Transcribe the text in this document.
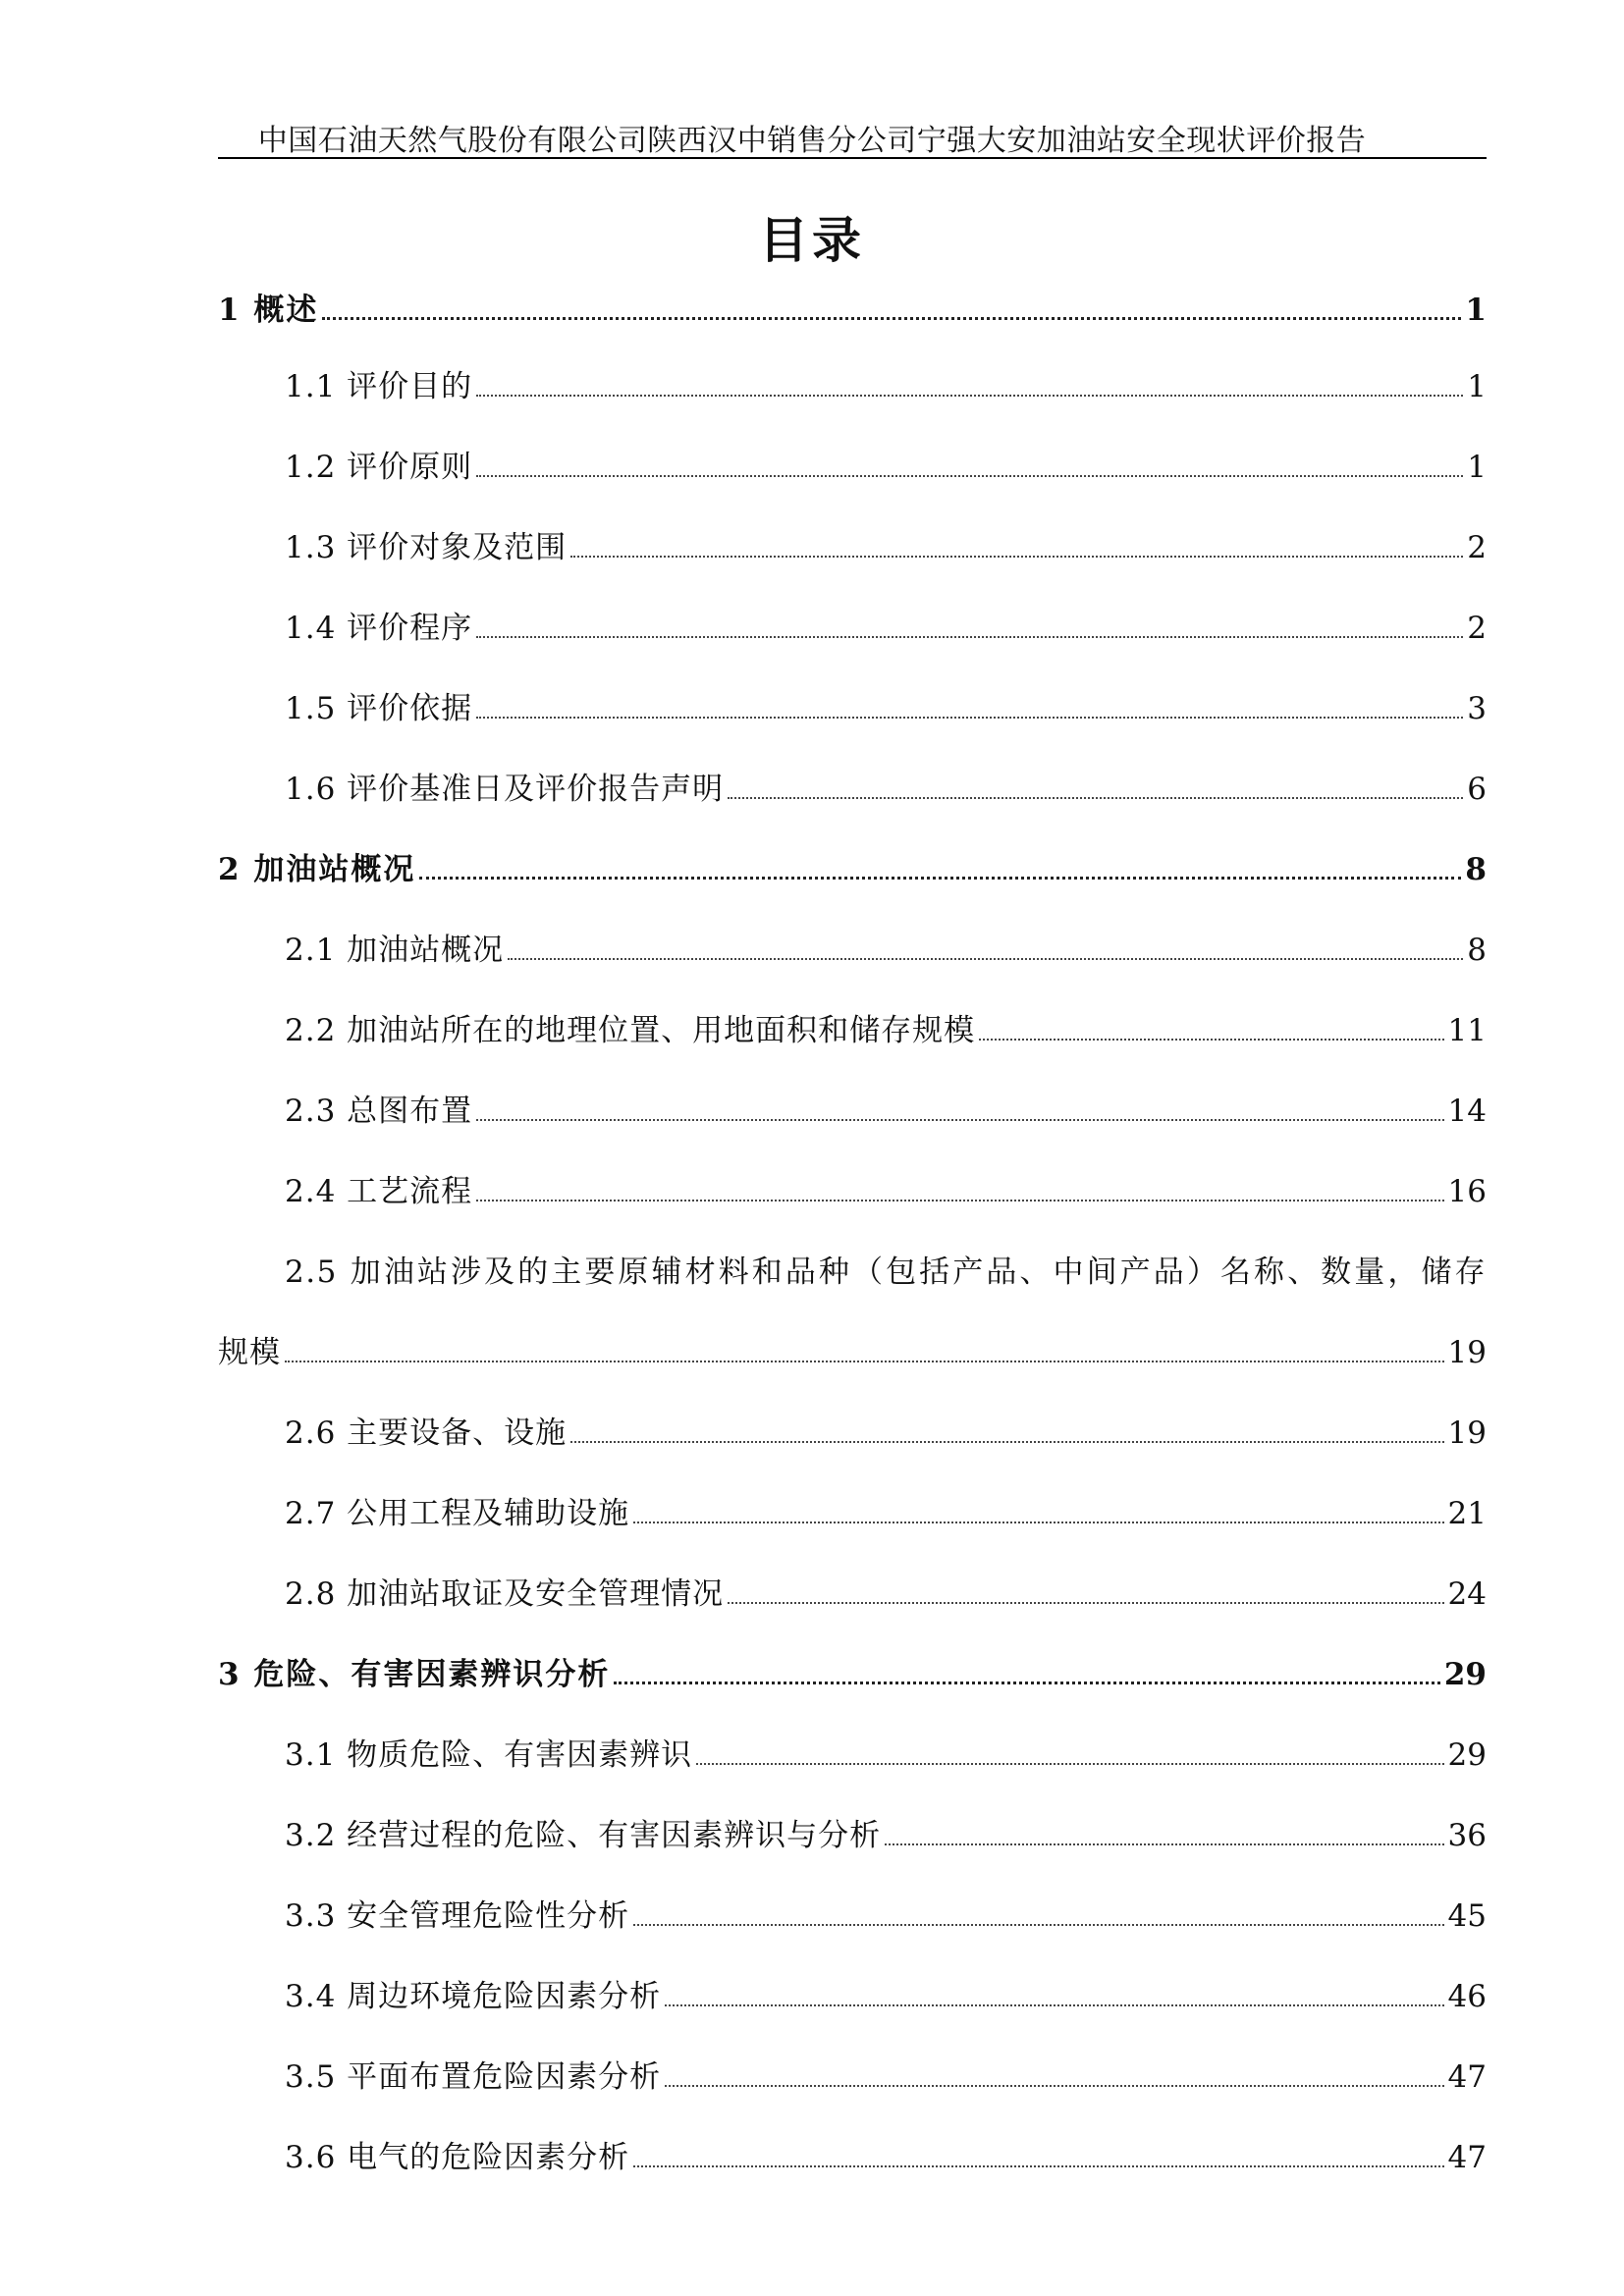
中国石油天然气股份有限公司陕西汉中销售分公司宁强大安加油站安全现状评价报告
目录
1 概述	1
1.1 评价目的	1
1.2 评价原则	1
1.3 评价对象及范围	2
1.4 评价程序	2
1.5 评价依据	3
1.6 评价基准日及评价报告声明	6
2 加油站概况	8
2.1 加油站概况	8
2.2 加油站所在的地理位置、用地面积和储存规模	11
2.3 总图布置	14
2.4 工艺流程	16
2.5 加油站涉及的主要原辅材料和品种（包括产品、中间产品）名称、数量，储存
规模	19
2.6 主要设备、设施	19
2.7 公用工程及辅助设施	21
2.8 加油站取证及安全管理情况	24
3 危险、有害因素辨识分析	29
3.1 物质危险、有害因素辨识	29
3.2 经营过程的危险、有害因素辨识与分析	36
3.3 安全管理危险性分析	45
3.4 周边环境危险因素分析	46
3.5 平面布置危险因素分析	47
3.6 电气的危险因素分析	47
